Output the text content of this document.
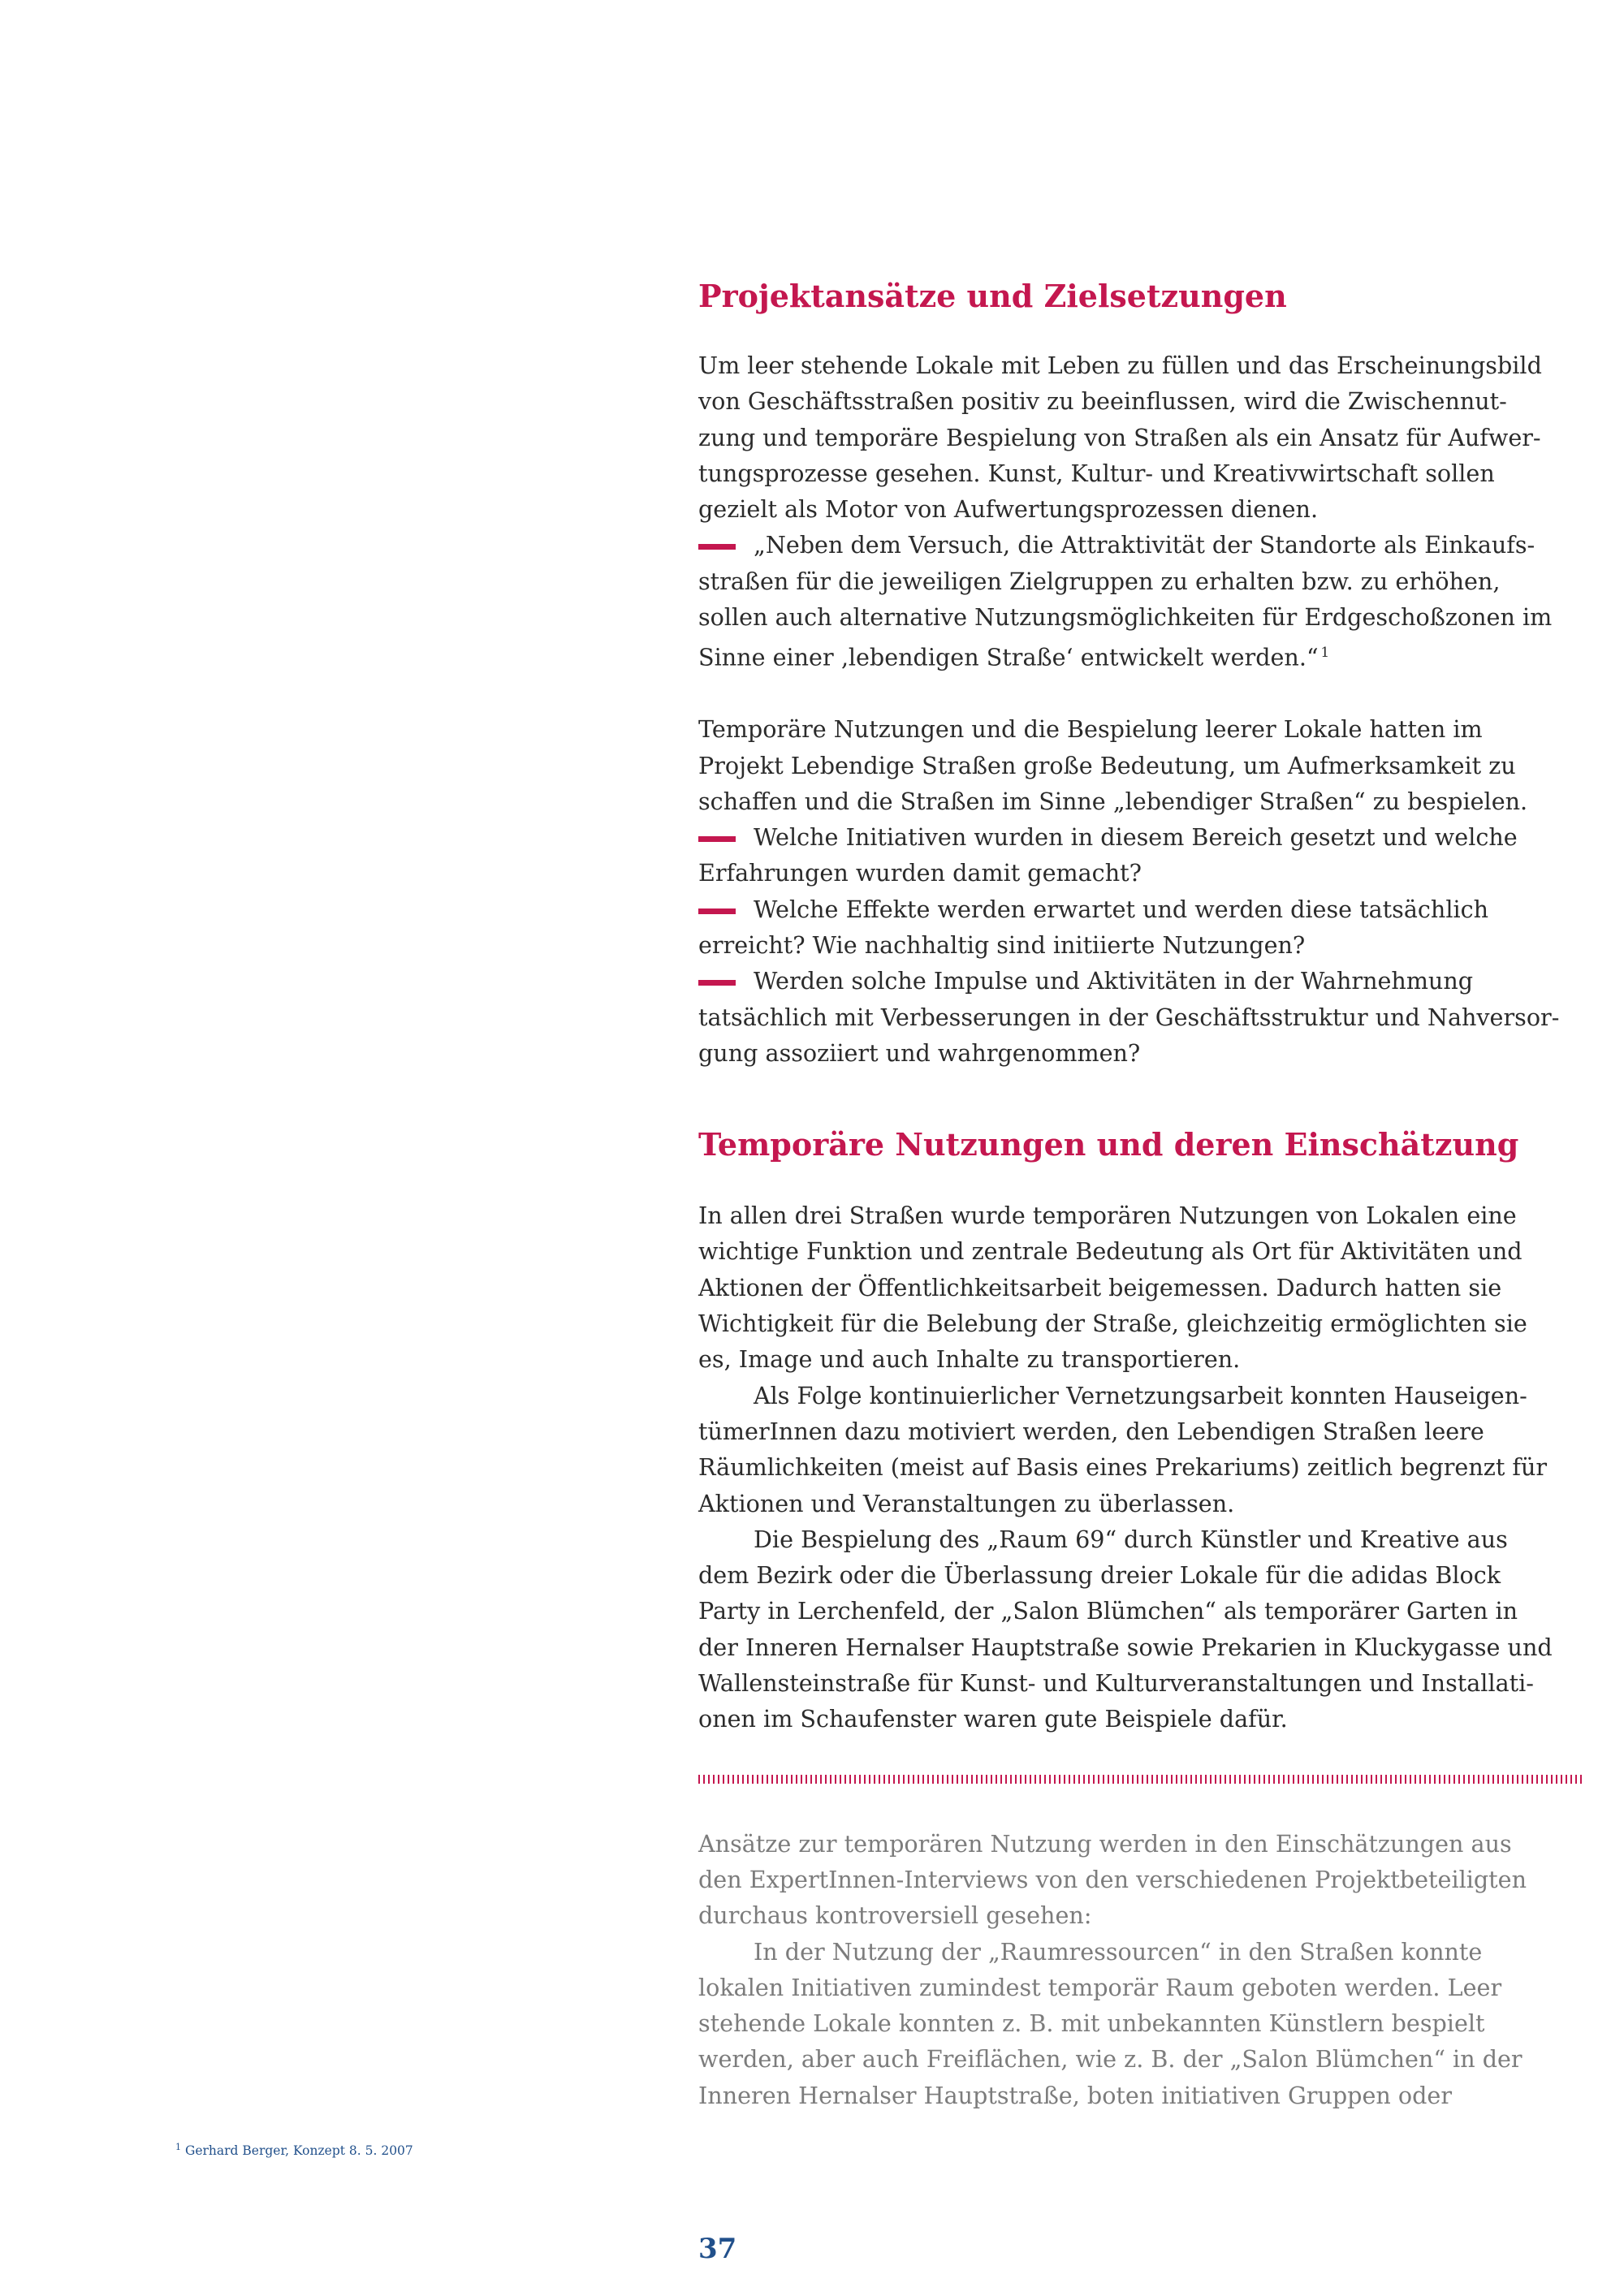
Projektansätze und Zielsetzungen

Um leer stehende Lokale mit Leben zu füllen und das Erscheinungsbild
von Geschäftsstraßen positiv zu beeinflussen, wird die Zwischennut-
zung und temporäre Bespielung von Straßen als ein Ansatz für Aufwer-
tungsprozesse gesehen. Kunst, Kultur- und Kreativwirtschaft sollen
gezielt als Motor von Aufwertungsprozessen dienen.

„Neben dem Versuch, die Attraktivität der Standorte als Einkaufs-
straßen für die jeweiligen Zielgruppen zu erhalten bzw. zu erhöhen,
sollen auch alternative Nutzungsmöglichkeiten für Erdgeschoßzonen im
Sinne einer ‚lebendigen Straße‘ entwickelt werden.“  $^1$

Temporäre Nutzungen und die Bespielung leerer Lokale hatten im
Projekt Lebendige Straßen große Bedeutung, um Aufmerksamkeit zu
schaffen und die Straßen im Sinne „lebendiger Straßen“ zu bespielen.

Welche Initiativen wurden in diesem Bereich gesetzt und welche
Erfahrungen wurden damit gemacht?

Welche Effekte werden erwartet und werden diese tatsächlich
erreicht? Wie nachhaltig sind initiierte Nutzungen?

Werden solche Impulse und Aktivitäten in der Wahrnehmung
tatsächlich mit Verbesserungen in der Geschäftsstruktur und Nahversor-
gung assoziiert und wahrgenommen?

Temporäre Nutzungen und deren Einschätzung

In allen drei Straßen wurde temporären Nutzungen von Lokalen eine
wichtige Funktion und zentrale Bedeutung als Ort für Aktivitäten und
Aktionen der Öffentlichkeitsarbeit beigemessen. Dadurch hatten sie
Wichtigkeit für die Belebung der Straße, gleichzeitig ermöglichten sie
es, Image und auch Inhalte zu transportieren.

Als Folge kontinuierlicher Vernetzungsarbeit konnten Hauseigen-
tümerInnen dazu motiviert werden, den Lebendigen Straßen leere
Räumlichkeiten (meist auf Basis eines Prekariums) zeitlich begrenzt für
Aktionen und Veranstaltungen zu überlassen.

Die Bespielung des „Raum 69“ durch Künstler und Kreative aus
dem Bezirk oder die Überlassung dreier Lokale für die adidas Block
Party in Lerchenfeld, der „Salon Blümchen“ als temporärer Garten in
der Inneren Hernalser Hauptstraße sowie Prekarien in Kluckygasse und
Wallensteinstraße für Kunst- und Kulturveranstaltungen und Installati-
onen im Schaufenster waren gute Beispiele dafür.

Ansätze zur temporären Nutzung werden in den Einschätzungen aus
den ExpertInnen-Interviews von den verschiedenen Projektbeteiligten
durchaus kontroversiell gesehen:

In der Nutzung der „Raumressourcen“ in den Straßen konnte
lokalen Initiativen zumindest temporär Raum geboten werden. Leer
stehende Lokale konnten z. B. mit unbekannten Künstlern bespielt
werden, aber auch Freiflächen, wie z. B. der „Salon Blümchen“ in der
Inneren Hernalser Hauptstraße, boten initiativen Gruppen oder

$^1$ Gerhard Berger, Konzept 8. 5. 2007
37
